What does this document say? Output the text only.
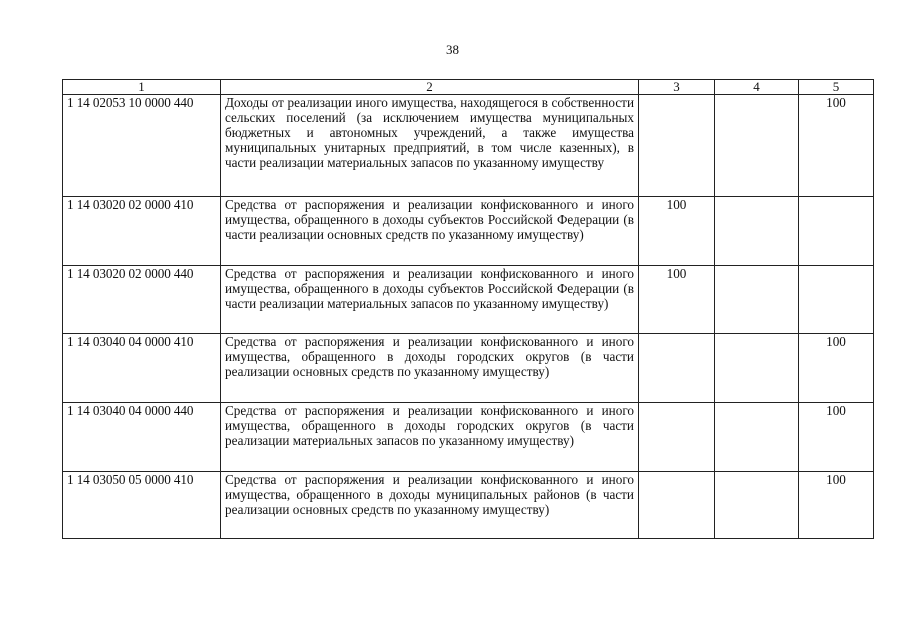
38
1	2	3	4	5
1 14 02053 10 0000 440	Доходы от реализации иного имущества, находящегося в собственности сельских поселений (за исключением имущества муниципальных бюджетных и автономных учреждений, а также имущества муниципальных унитарных предприятий, в том числе казенных), в части реализации материальных запасов по указанному имуществу			100
1 14 03020 02 0000 410	Средства от распоряжения и реализации конфискованного и иного имущества, обращенного в доходы субъектов Российской Федерации (в части реализации основных средств по указанному имуществу)	100		
1 14 03020 02 0000 440	Средства от распоряжения и реализации конфискованного и иного имущества, обращенного в доходы субъектов Российской Федерации (в части реализации материальных запасов по указанному имуществу)	100		
1 14 03040 04 0000 410	Средства от распоряжения и реализации конфискованного и иного имущества, обращенного в доходы городских округов (в части реализации основных средств по указанному имуществу)			100
1 14 03040 04 0000 440	Средства от распоряжения и реализации конфискованного и иного имущества, обращенного в доходы городских округов (в части реализации материальных запасов по указанному имуществу)			100
1 14 03050 05 0000 410	Средства от распоряжения и реализации конфискованного и иного имущества, обращенного в доходы муниципальных районов (в части реализации основных средств по указанному имуществу)			100
